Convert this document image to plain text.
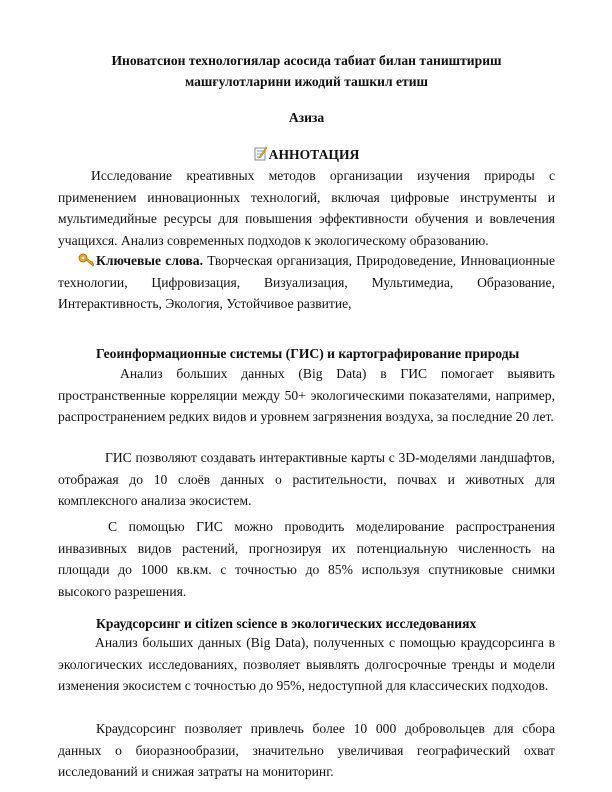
Иноватсион технологиялар асосида табиат билан таништириш машғулотларини ижодий ташкил етиш
Азиза
АННОТАЦИЯ
Исследование креативных методов организации изучения природы с применением инновационных технологий, включая цифровые инструменты и мультимедийные ресурсы для повышения эффективности обучения и вовлечения учащихся. Анализ современных подходов к экологическому образованию.
Ключевые слова. Творческая организация, Природоведение, Инновационные технологии, Цифровизация, Визуализация, Мультимедиа, Образование, Интерактивность, Экология, Устойчивое развитие,
Геоинформационные системы (ГИС) и картографирование природы
Анализ больших данных (Big Data) в ГИС помогает выявить пространственные корреляции между 50+ экологическими показателями, например, распространением редких видов и уровнем загрязнения воздуха, за последние 20 лет.
ГИС позволяют создавать интерактивные карты с 3D-моделями ландшафтов, отображая до 10 слоёв данных о растительности, почвах и животных для комплексного анализа экосистем.
С помощью ГИС можно проводить моделирование распространения инвазивных видов растений, прогнозируя их потенциальную численность на площади до 1000 кв.км. с точностью до 85% используя спутниковые снимки высокого разрешения.
Краудсорсинг и citizen science в экологических исследованиях
Анализ больших данных (Big Data), полученных с помощью краудсорсинга в экологических исследованиях, позволяет выявлять долгосрочные тренды и модели изменения экосистем с точностью до 95%, недоступной для классических подходов.
Краудсорсинг позволяет привлечь более 10 000 добровольцев для сбора данных о биоразнообразии, значительно увеличивая географический охват исследований и снижая затраты на мониторинг.
